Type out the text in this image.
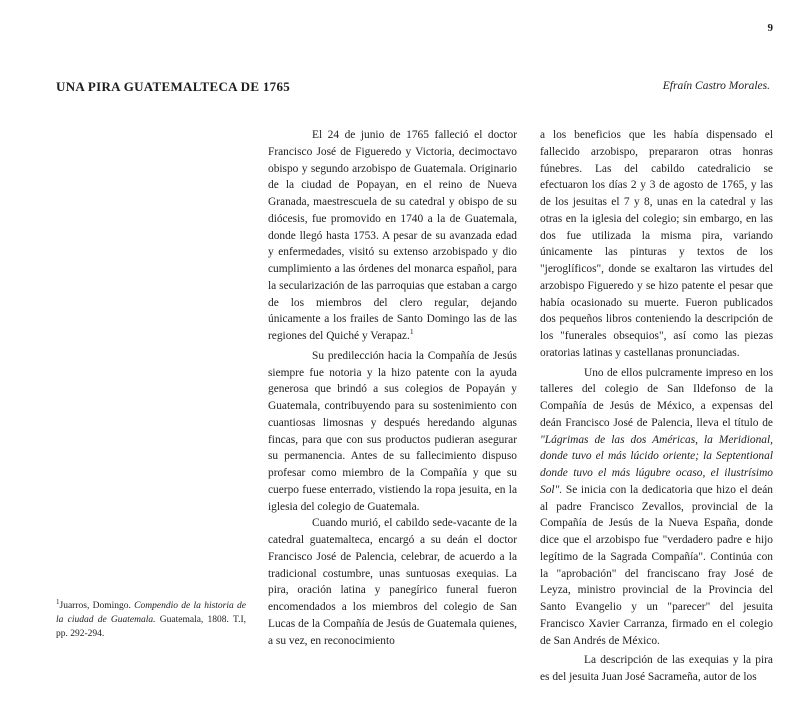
9
UNA PIRA GUATEMALTECA DE 1765	Efraín Castro Morales.

El 24 de junio de 1765 falleció el doctor Francisco José de Figueredo y Victoria, decimoctavo obispo y segundo arzobispo de Guatemala. Originario de la ciudad de Popayan, en el reino de Nueva Granada, maestrescuela de su catedral y obispo de su diócesis, fue promovido en 1740 a la de Guatemala, donde llegó hasta 1753. A pesar de su avanzada edad y enfermedades, visitó su extenso arzobispado y dio cumplimiento a las órdenes del monarca español, para la secularización de las parroquias que estaban a cargo de los miembros del clero regular, dejando únicamente a los frailes de Santo Domingo las de las regiones del Quiché y Verapaz.$^1$

Su predilección hacia la Compañía de Jesús siempre fue notoria y la hizo patente con la ayuda generosa que brindó a sus colegios de Popayán y Guatemala, contribuyendo para su sostenimiento con cuantiosas limosnas y después heredando algunas fincas, para que con sus productos pudieran asegurar su permanencia. Antes de su fallecimiento dispuso profesar como miembro de la Compañía y que su cuerpo fuese enterrado, vistiendo la ropa jesuita, en la iglesia del colegio de Guatemala.

Cuando murió, el cabildo sede-vacante de la catedral guatemalteca, encargó a su deán el doctor Francisco José de Palencia, celebrar, de acuerdo a la tradicional costumbre, unas suntuosas exequias. La pira, oración latina y panegírico funeral fueron encomendados a los miembros del colegio de San Lucas de la Compañía de Jesús de Guatemala quienes, a su vez, en reconocimiento

a los beneficios que les había dispensado el fallecido arzobispo, prepararon otras honras fúnebres. Las del cabildo catedralicio se efectuaron los días 2 y 3 de agosto de 1765, y las de los jesuitas el 7 y 8, unas en la catedral y las otras en la iglesia del colegio; sin embargo, en las dos fue utilizada la misma pira, variando únicamente las pinturas y textos de los "jeroglíficos", donde se exaltaron las virtudes del arzobispo Figueredo y se hizo patente el pesar que había ocasionado su muerte. Fueron publicados dos pequeños libros conteniendo la descripción de los "funerales obsequios", así como las piezas oratorias latinas y castellanas pronunciadas.

Uno de ellos pulcramente impreso en los talleres del colegio de San Ildefonso de la Compañía de Jesús de México, a expensas del deán Francisco José de Palencia, lleva el título de "Lágrimas de las dos Américas, la Meridional, donde tuvo el más lúcido oriente; la Septentional donde tuvo el más lúgubre ocaso, el ilustrísimo Sol". Se inicia con la dedicatoria que hizo el deán al padre Francisco Zevallos, provincial de la Compañía de Jesús de la Nueva España, donde dice que el arzobispo fue "verdadero padre e hijo legítimo de la Sagrada Compañía". Continúa con la "aprobación" del franciscano fray José de Leyza, ministro provincial de la Provincia del Santo Evangelio y un "parecer" del jesuita Francisco Xavier Carranza, firmado en el colegio de San Andrés de México.

La descripción de las exequias y la pira es del jesuita Juan José Sacrameña, autor de los

$^1$Juarros, Domingo. Compendio de la historia de la ciudad de Guatemala. Guatemala, 1808. T.I, pp. 292-294.
